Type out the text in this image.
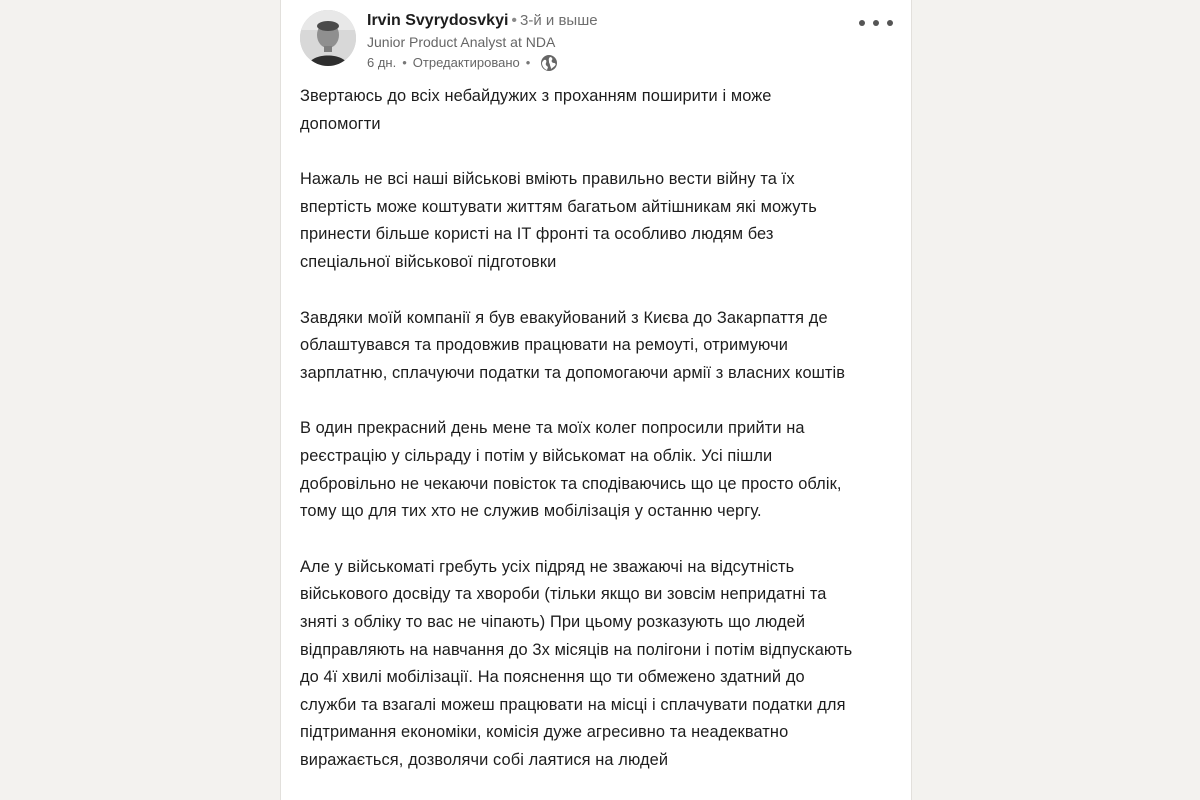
Irvin Svyrydosvkyi • 3-й и выше
Junior Product Analyst at NDA
6 дн. • Отредактировано •

Звертаюсь до всіх небайдужих з проханням поширити і може
допомогти

Нажаль не всі наші військові вміють правильно вести війну та їх
впертість може коштувати життям багатьом айтішникам які можуть
принести більше користі на IT фронті та особливо людям без
спеціальної військової підготовки

Завдяки моїй компанії я був евакуйований з Києва до Закарпаття де
облаштувався та продовжив працювати на ремоуті, отримуючи
зарплатню, сплачуючи податки та допомогаючи армії з власних коштів

В один прекрасний день мене та моїх колег попросили прийти на
реєстрацію у сільраду і потім у військомат на облік. Усі пішли
добровільно не чекаючи повісток та сподіваючись що це просто облік,
тому що для тих хто не служив мобілізація у останню чергу.

Але у військоматі гребуть усіх підряд не зважаючі на відсутність
військового досвіду та хвороби (тільки якщо ви зовсім непридатні та
зняті з обліку то вас не чіпають) При цьому розказують що людей
відправляють на навчання до 3х місяців на полігони і потім відпускають
до 4ї хвилі мобілізації. На пояснення що ти обмежено здатний до
служби та взагалі можеш працювати на місці і сплачувати податки для
підтримання економіки, комісія дуже агресивно та неадекватно
виражається, дозволячи собі лаятися на людей
